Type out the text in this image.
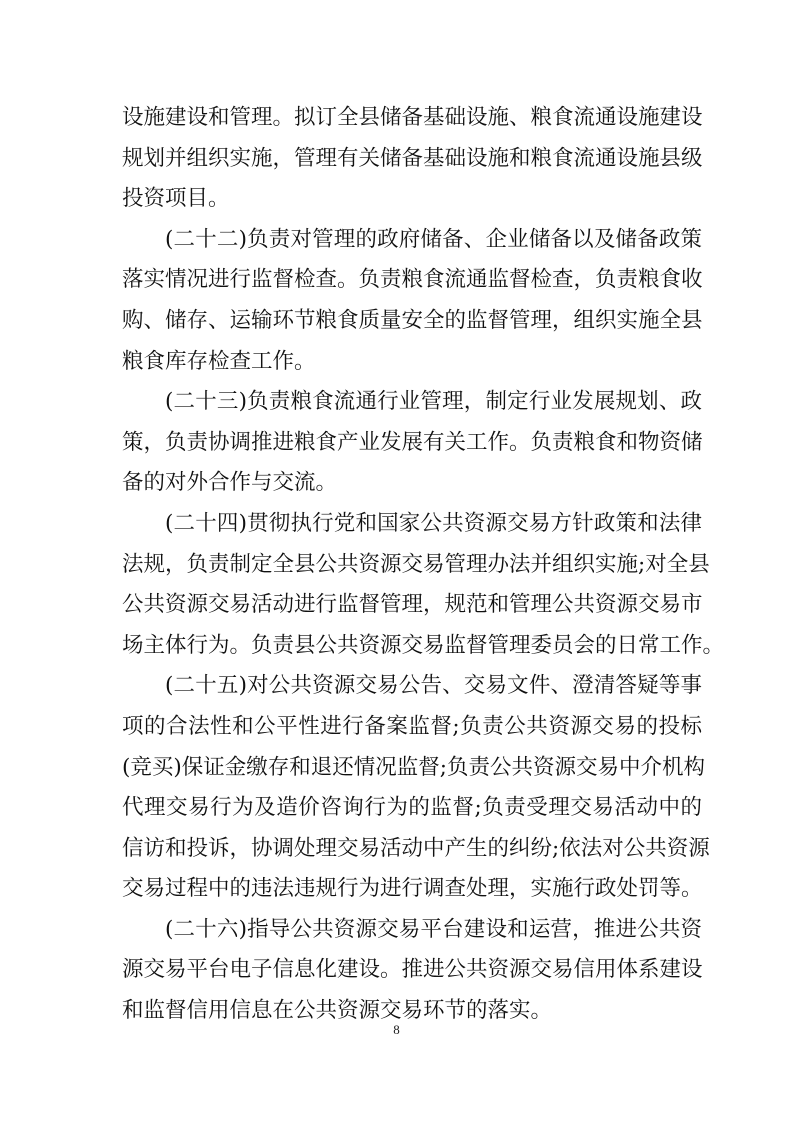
设施建设和管理。拟订全县储备基础设施、粮食流通设施建设
规划并组织实施，管理有关储备基础设施和粮食流通设施县级
投资项目。
(二十二)负责对管理的政府储备、企业储备以及储备政策
落实情况进行监督检查。负责粮食流通监督检查，负责粮食收
购、储存、运输环节粮食质量安全的监督管理，组织实施全县
粮食库存检查工作。
(二十三)负责粮食流通行业管理，制定行业发展规划、政
策，负责协调推进粮食产业发展有关工作。负责粮食和物资储
备的对外合作与交流。
(二十四)贯彻执行党和国家公共资源交易方针政策和法律
法规，负责制定全县公共资源交易管理办法并组织实施;对全县
公共资源交易活动进行监督管理，规范和管理公共资源交易市
场主体行为。负责县公共资源交易监督管理委员会的日常工作。
(二十五)对公共资源交易公告、交易文件、澄清答疑等事
项的合法性和公平性进行备案监督;负责公共资源交易的投标
(竞买)保证金缴存和退还情况监督;负责公共资源交易中介机构
代理交易行为及造价咨询行为的监督;负责受理交易活动中的
信访和投诉，协调处理交易活动中产生的纠纷;依法对公共资源
交易过程中的违法违规行为进行调查处理，实施行政处罚等。
(二十六)指导公共资源交易平台建设和运营，推进公共资
源交易平台电子信息化建设。推进公共资源交易信用体系建设
和监督信用信息在公共资源交易环节的落实。
8
